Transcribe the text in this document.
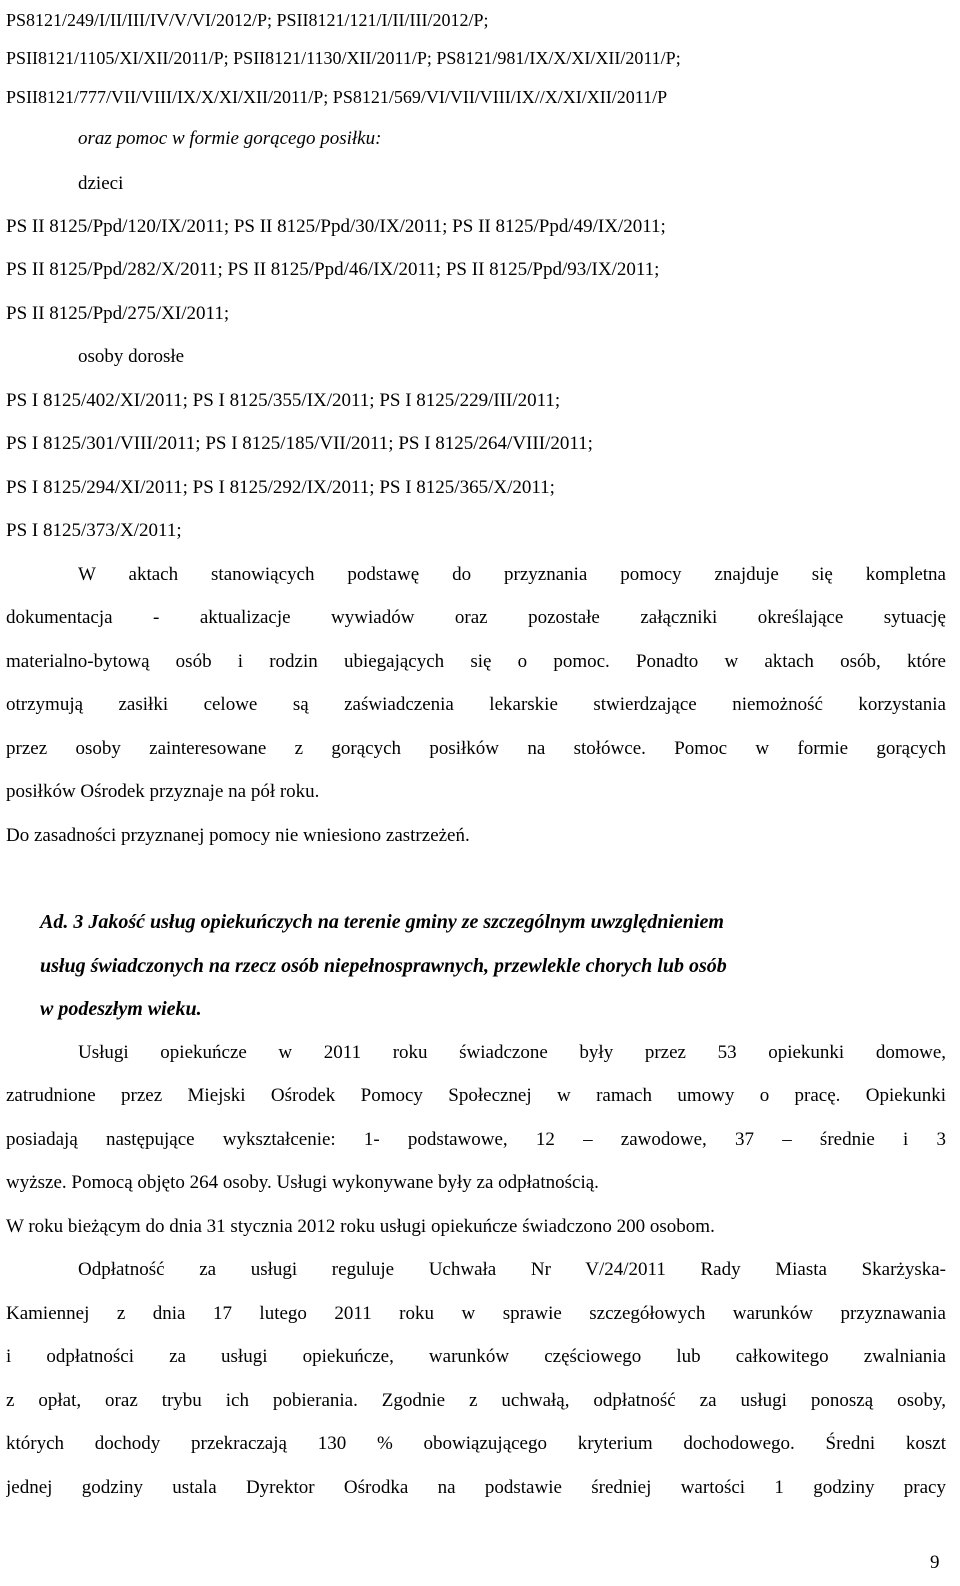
PS8121/249/I/II/III/IV/V/VI/2012/P; PSII8121/121/I/II/III/2012/P;
PSII8121/1105/XI/XII/2011/P; PSII8121/1130/XII/2011/P; PS8121/981/IX/X/XI/XII/2011/P;
PSII8121/777/VII/VIII/IX/X/XI/XII/2011/P; PS8121/569/VI/VII/VIII/IX//X/XI/XII/2011/P
oraz pomoc w formie gorącego posiłku:
dzieci
PS II 8125/Ppd/120/IX/2011; PS II 8125/Ppd/30/IX/2011; PS II 8125/Ppd/49/IX/2011;
PS II 8125/Ppd/282/X/2011; PS II 8125/Ppd/46/IX/2011; PS II 8125/Ppd/93/IX/2011;
PS II 8125/Ppd/275/XI/2011;
osoby dorosłe
PS I 8125/402/XI/2011; PS I 8125/355/IX/2011; PS I 8125/229/III/2011;
PS I 8125/301/VIII/2011; PS I 8125/185/VII/2011; PS I 8125/264/VIII/2011;
PS I 8125/294/XI/2011; PS I 8125/292/IX/2011; PS I 8125/365/X/2011;
PS I 8125/373/X/2011;
W aktach stanowiących podstawę do przyznania pomocy znajduje się kompletna
dokumentacja - aktualizacje wywiadów oraz pozostałe załączniki określające sytuację
materialno-bytową osób i rodzin ubiegających się o pomoc. Ponadto w aktach osób, które
otrzymują zasiłki celowe są zaświadczenia lekarskie stwierdzające niemożność korzystania
przez osoby zainteresowane z gorących posiłków na stołówce. Pomoc w formie gorących
posiłków Ośrodek przyznaje na pół roku.
Do zasadności przyznanej pomocy nie wniesiono zastrzeżeń.
Ad. 3 Jakość usług opiekuńczych na terenie gminy ze szczególnym uwzględnieniem
usług świadczonych na rzecz osób niepełnosprawnych, przewlekle chorych lub osób
w podeszłym wieku.
Usługi opiekuńcze w 2011 roku świadczone były przez 53 opiekunki domowe,
zatrudnione przez Miejski Ośrodek Pomocy Społecznej w ramach umowy o pracę. Opiekunki
posiadają następujące wykształcenie: 1- podstawowe, 12 – zawodowe, 37 – średnie i 3
wyższe. Pomocą objęto 264 osoby. Usługi wykonywane były za odpłatnością.
W roku bieżącym do dnia 31 stycznia 2012 roku usługi opiekuńcze świadczono 200 osobom.
Odpłatność za usługi reguluje Uchwała Nr V/24/2011 Rady Miasta Skarżyska-
Kamiennej z dnia 17 lutego 2011 roku w sprawie szczegółowych warunków przyznawania
i odpłatności za usługi opiekuńcze, warunków częściowego lub całkowitego zwalniania
z opłat, oraz trybu ich pobierania. Zgodnie z uchwałą, odpłatność za usługi ponoszą osoby,
których dochody przekraczają 130 % obowiązującego kryterium dochodowego. Średni koszt
jednej godziny ustala Dyrektor Ośrodka na podstawie średniej wartości 1 godziny pracy
9
